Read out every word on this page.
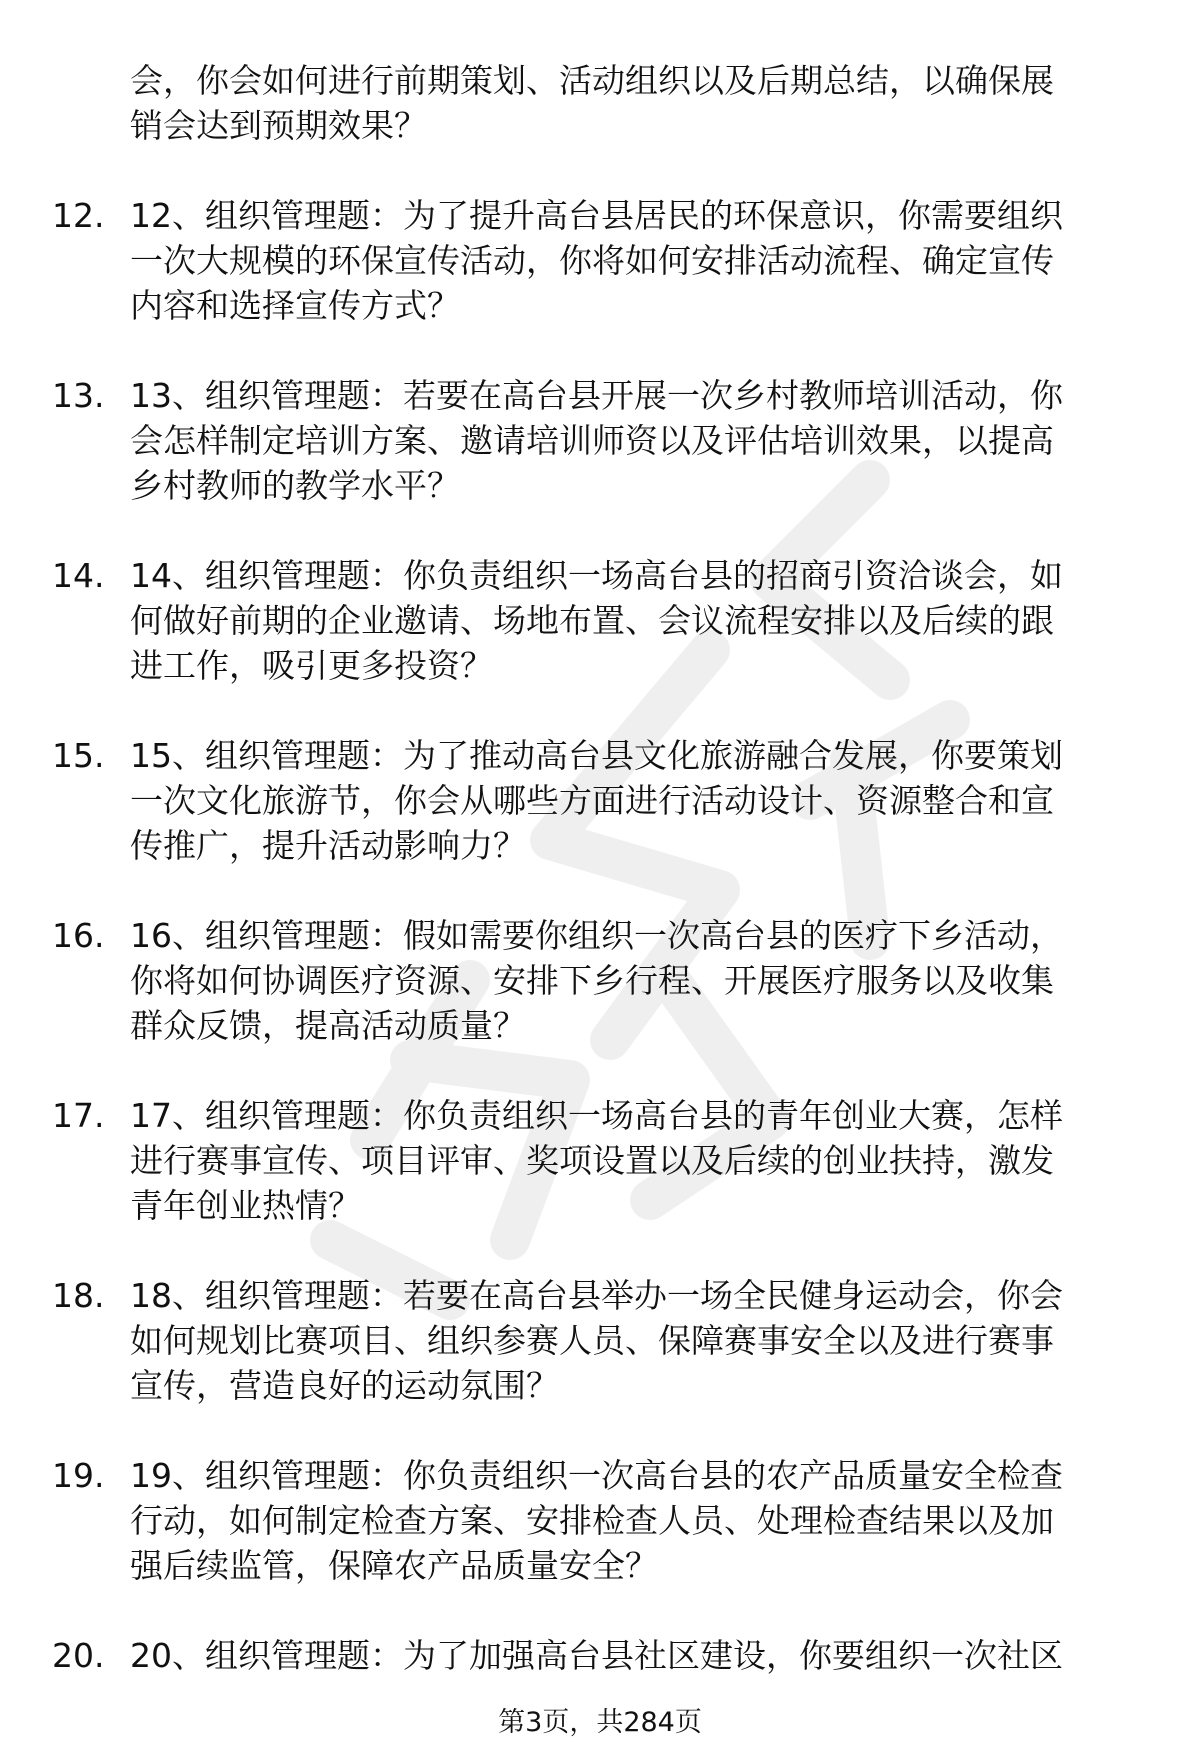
会，你会如何进行前期策划、活动组织以及后期总结，以确保展
销会达到预期效果？
12. 12、组织管理题：为了提升高台县居民的环保意识，你需要组织
一次大规模的环保宣传活动，你将如何安排活动流程、确定宣传
内容和选择宣传方式？
13. 13、组织管理题：若要在高台县开展一次乡村教师培训活动，你
会怎样制定培训方案、邀请培训师资以及评估培训效果，以提高
乡村教师的教学水平？
14. 14、组织管理题：你负责组织一场高台县的招商引资洽谈会，如
何做好前期的企业邀请、场地布置、会议流程安排以及后续的跟
进工作，吸引更多投资？
15. 15、组织管理题：为了推动高台县文化旅游融合发展，你要策划
一次文化旅游节，你会从哪些方面进行活动设计、资源整合和宣
传推广，提升活动影响力？
16. 16、组织管理题：假如需要你组织一次高台县的医疗下乡活动，
你将如何协调医疗资源、安排下乡行程、开展医疗服务以及收集
群众反馈，提高活动质量？
17. 17、组织管理题：你负责组织一场高台县的青年创业大赛，怎样
进行赛事宣传、项目评审、奖项设置以及后续的创业扶持，激发
青年创业热情？
18. 18、组织管理题：若要在高台县举办一场全民健身运动会，你会
如何规划比赛项目、组织参赛人员、保障赛事安全以及进行赛事
宣传，营造良好的运动氛围？
19. 19、组织管理题：你负责组织一次高台县的农产品质量安全检查
行动，如何制定检查方案、安排检查人员、处理检查结果以及加
强后续监管，保障农产品质量安全？
20. 20、组织管理题：为了加强高台县社区建设，你要组织一次社区
第3页，共284页
